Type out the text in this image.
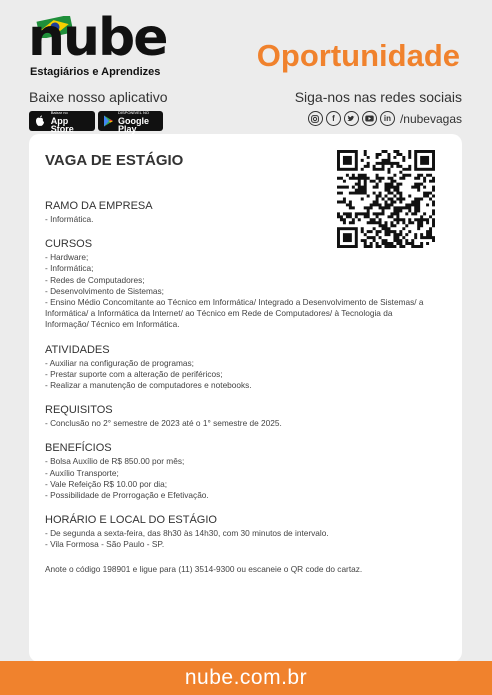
nube
Estagiários e Aprendizes	Oportunidade
Baixe nosso aplicativo
Baixar no
App Store
DISPONÍVEL NO
Google Play
Siga-nos nas redes sociais
f	in /nubevagas
VAGA DE ESTÁGIO
RAMO DA EMPRESA
- Informática.
CURSOS
- Hardware;
- Informática;
- Redes de Computadores;
- Desenvolvimento de Sistemas;
- Ensino Médio Concomitante ao Técnico em Informática/ Integrado a Desenvolvimento de Sistemas/ a Informática/ a Informática da Internet/ ao Técnico em Rede de Computadores/ à Tecnologia da Informação/ Técnico em Informática.
ATIVIDADES
- Auxiliar na configuração de programas;
- Prestar suporte com a alteração de periféricos;
- Realizar a manutenção de computadores e notebooks.
REQUISITOS
- Conclusão no 2° semestre de 2023 até o 1° semestre de 2025.
BENEFÍCIOS
- Bolsa Auxílio de R$ 850.00 por mês;
- Auxílio Transporte;
- Vale Refeição R$ 10.00 por dia;
- Possibilidade de Prorrogação e Efetivação.
HORÁRIO E LOCAL DO ESTÁGIO
- De segunda a sexta-feira, das 8h30 às 14h30, com 30 minutos de intervalo.
- Vila Formosa - São Paulo - SP.
Anote o código 198901 e ligue para (11) 3514-9300 ou escaneie o QR code do cartaz.
nube.com.br
